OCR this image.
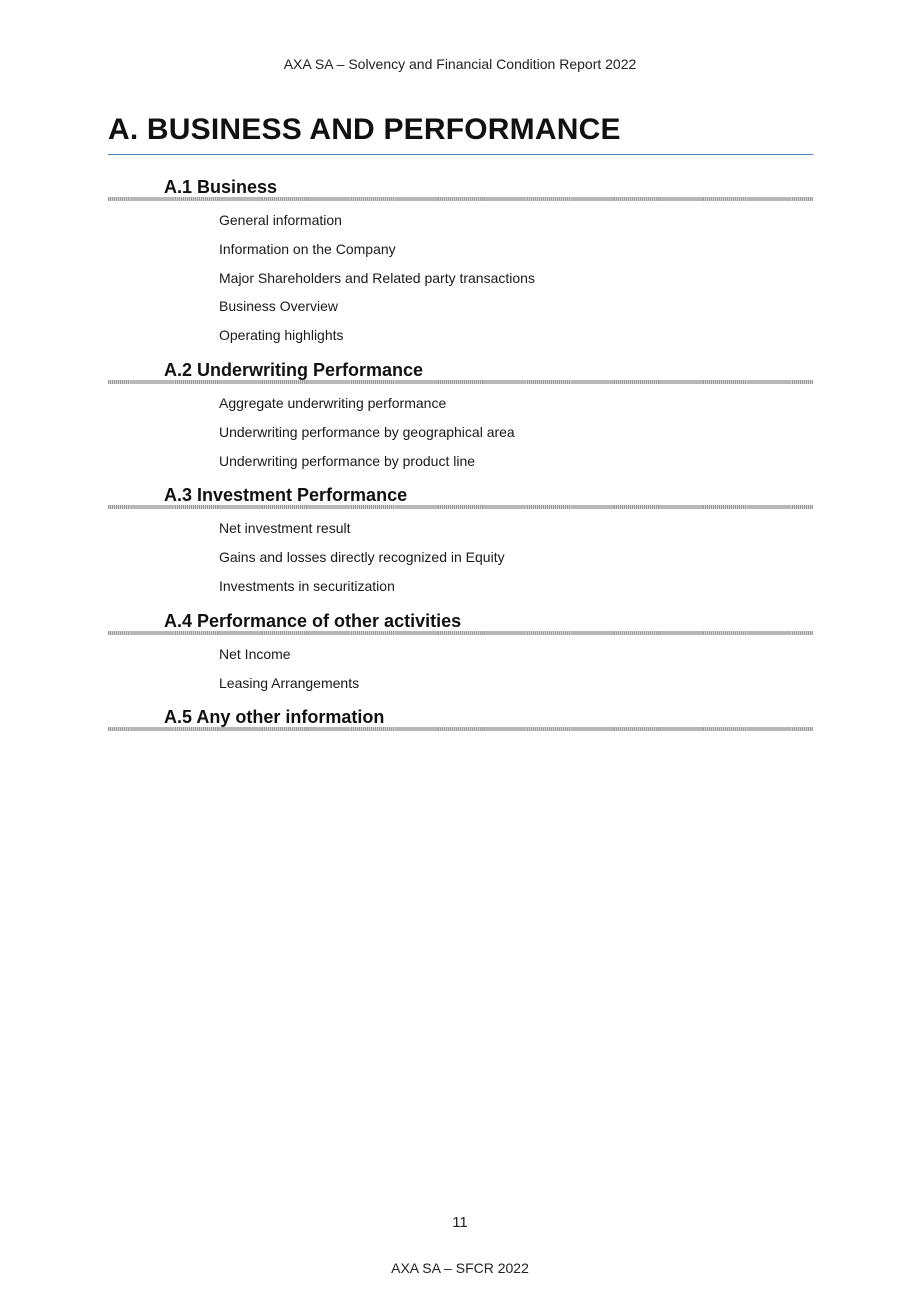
AXA SA – Solvency and Financial Condition Report 2022
A. BUSINESS AND PERFORMANCE
A.1 Business
General information
Information on the Company
Major Shareholders and Related party transactions
Business Overview
Operating highlights
A.2 Underwriting Performance
Aggregate underwriting performance
Underwriting performance by geographical area
Underwriting performance by product line
A.3 Investment Performance
Net investment result
Gains and losses directly recognized in Equity
Investments in securitization
A.4 Performance of other activities
Net Income
Leasing Arrangements
A.5 Any other information
11
AXA SA – SFCR 2022
